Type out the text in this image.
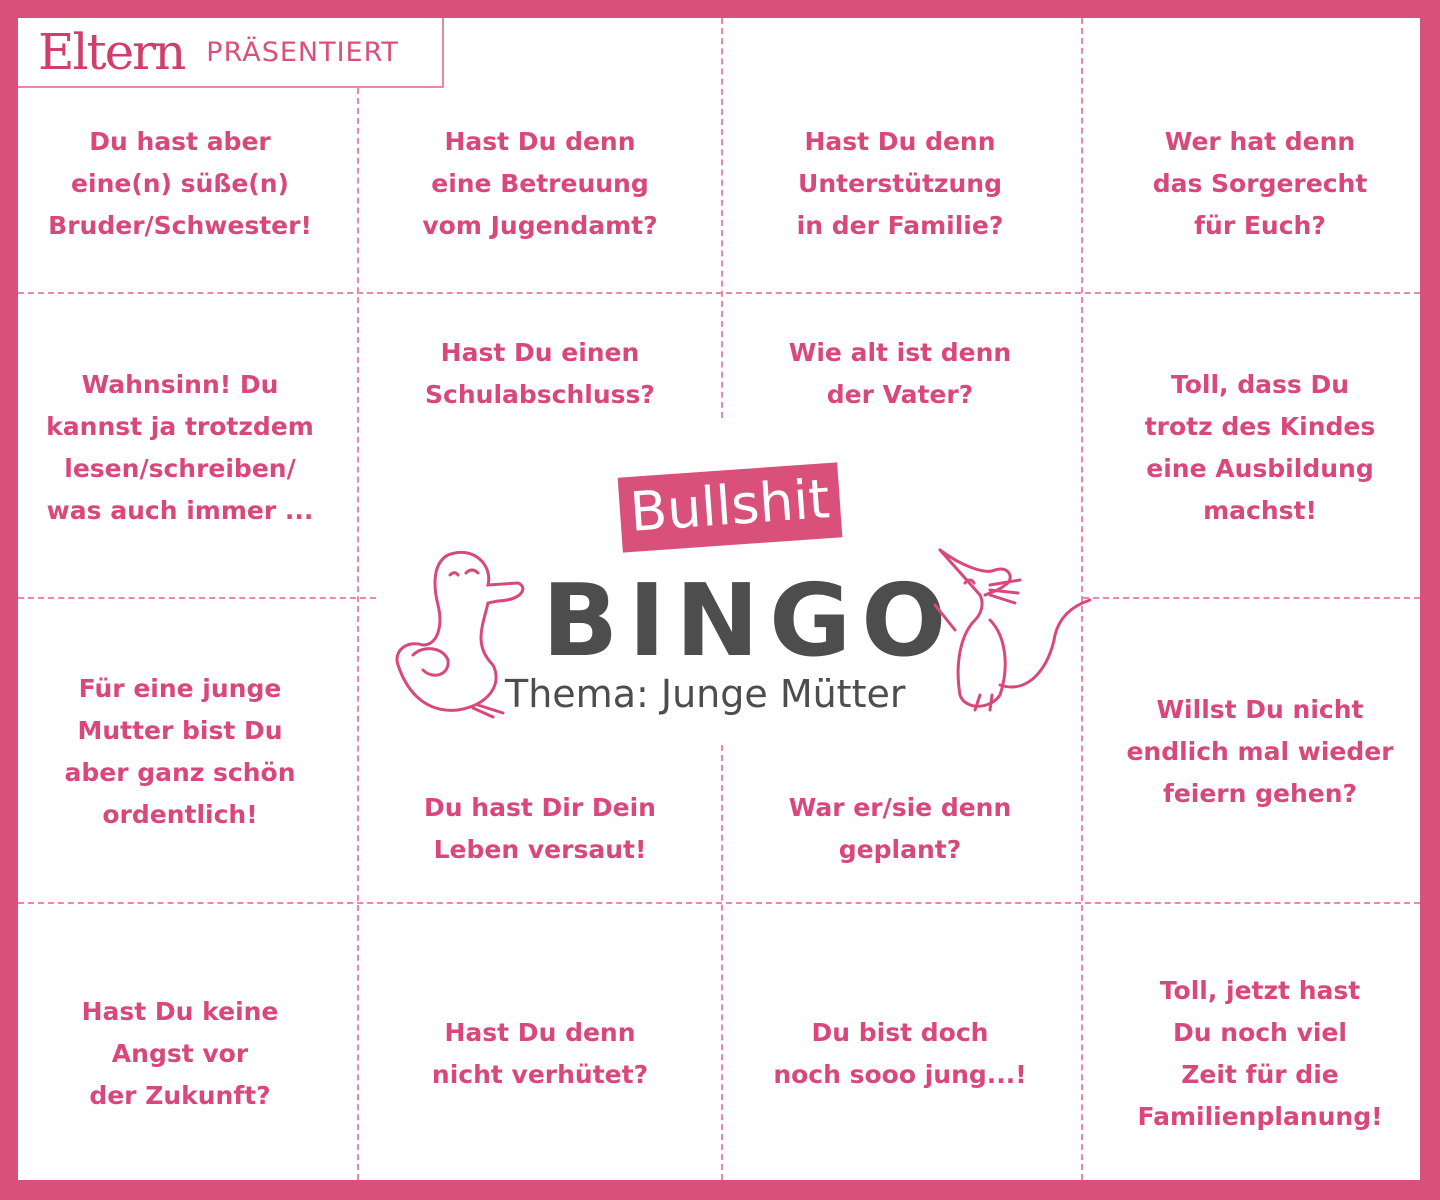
Eltern PRÄSENTIERT
Du hast aber
eine(n) süße(n)
Bruder/Schwester!
Hast Du denn
eine Betreuung
vom Jugendamt?
Hast Du denn
Unterstützung
in der Familie?
Wer hat denn
das Sorgerecht
für Euch?
Wahnsinn! Du
kannst ja trotzdem
lesen/schreiben/
was auch immer ...
Hast Du einen
Schulabschluss?
Wie alt ist denn
der Vater?	Toll, dass Du
trotz des Kindes
eine Ausbildung
machst!
Für eine junge
Mutter bist Du
aber ganz schön
ordentlich!	Du hast Dir Dein
Leben versaut!
War er/sie denn
geplant?
Willst Du nicht
endlich mal wieder
feiern gehen?
Hast Du keine
Angst vor
der Zukunft?
Hast Du denn
nicht verhütet?
Du bist doch
noch sooo jung...!
Toll, jetzt hast
Du noch viel
Zeit für die
Familienplanung!
Bullshit
BINGO
Thema: Junge Mütter
